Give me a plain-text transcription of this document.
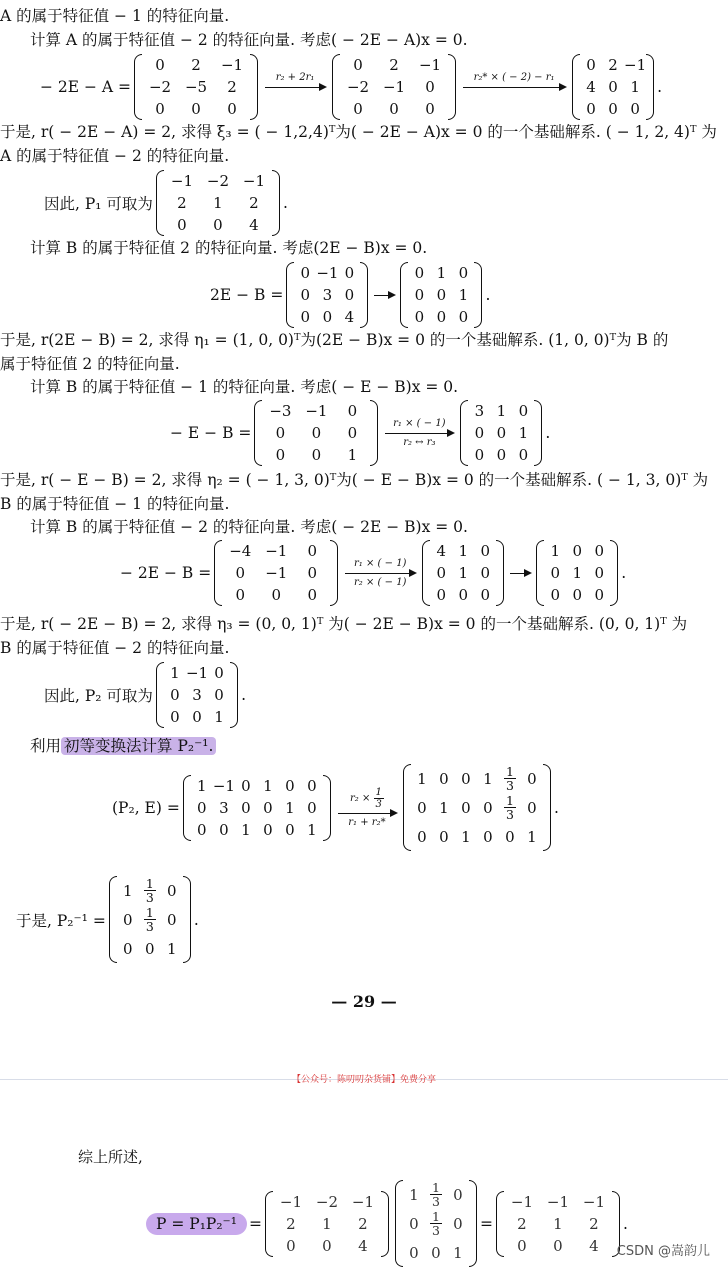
A 的属于特征值 − 1 的特征向量.
计算 A 的属于特征值 − 2 的特征向量. 考虑( − 2E − A)x = 0.
− 2E − A =
0	2	−1
−2	−5	2
0	0	0
r₂ + 2r₁
0	2	−1
−2	−1	0
0	0	0
r₂* × ( − 2) − r₁
0	2	−1
4	0	1
0	0	0
.
于是, r( − 2E − A) = 2, 求得 ξ₃ = ( − 1,2,4)ᵀ为( − 2E − A)x = 0 的一个基础解系. ( − 1, 2, 4)ᵀ 为
A 的属于特征值 − 2 的特征向量.
因此, P₁ 可取为
−1	−2	−1
2	1	2
0	0	4
.
计算 B 的属于特征值 2 的特征向量. 考虑(2E − B)x = 0.
2E − B =
0	−1	0
0	3	0
0	0	4
0	1	0
0	0	1
0	0	0
.
于是, r(2E − B) = 2, 求得 η₁ = (1, 0, 0)ᵀ为(2E − B)x = 0 的一个基础解系. (1, 0, 0)ᵀ为 B 的
属于特征值 2 的特征向量.
计算 B 的属于特征值 − 1 的特征向量. 考虑( − E − B)x = 0.
− E − B =
−3	−1	0
0	0	0
0	0	1
r₁ × ( − 1)
r₂ ↔ r₃
3	1	0
0	0	1
0	0	0
.
于是, r( − E − B) = 2, 求得 η₂ = ( − 1, 3, 0)ᵀ为( − E − B)x = 0 的一个基础解系. ( − 1, 3, 0)ᵀ 为
B 的属于特征值 − 1 的特征向量.
计算 B 的属于特征值 − 2 的特征向量. 考虑( − 2E − B)x = 0.
− 2E − B =
−4	−1	0
0	−1	0
0	0	0
r₁ × ( − 1)
r₂ × ( − 1)
4	1	0
0	1	0
0	0	0
1	0	0
0	1	0
0	0	0
.
于是, r( − 2E − B) = 2, 求得 η₃ = (0, 0, 1)ᵀ 为( − 2E − B)x = 0 的一个基础解系. (0, 0, 1)ᵀ 为
B 的属于特征值 − 2 的特征向量.
因此, P₂ 可取为
1	−1	0
0	3	0
0	0	1
.
利用 初等变换法计算 P₂⁻¹.
(P₂, E) =
1	−1	0	1	0	0
0	3	0	0	1	0
0	0	1	0	0	1
$r_2 \times \frac{1}{3}$
r₁ + r₂*
1	0	0	1	$\frac{1}{3}$	0
0	1	0	0	$\frac{1}{3}$	0
0	0	1	0	0	1
.
于是, P₂⁻¹ =
1	$\frac{1}{3}$	0
0	$\frac{1}{3}$	0
0	0	1
.
— 29 —
【公众号：陈叨叨杂货铺】免费分享
综上所述,
P = P₁P₂⁻¹ =
−1	−2	−1
2	1	2
0	0	4
1	$\frac{1}{3}$	0
0	$\frac{1}{3}$	0
0	0	1
=
−1	−1	−1
2	1	2
0	0	4
.
CSDN @嵩韵儿
